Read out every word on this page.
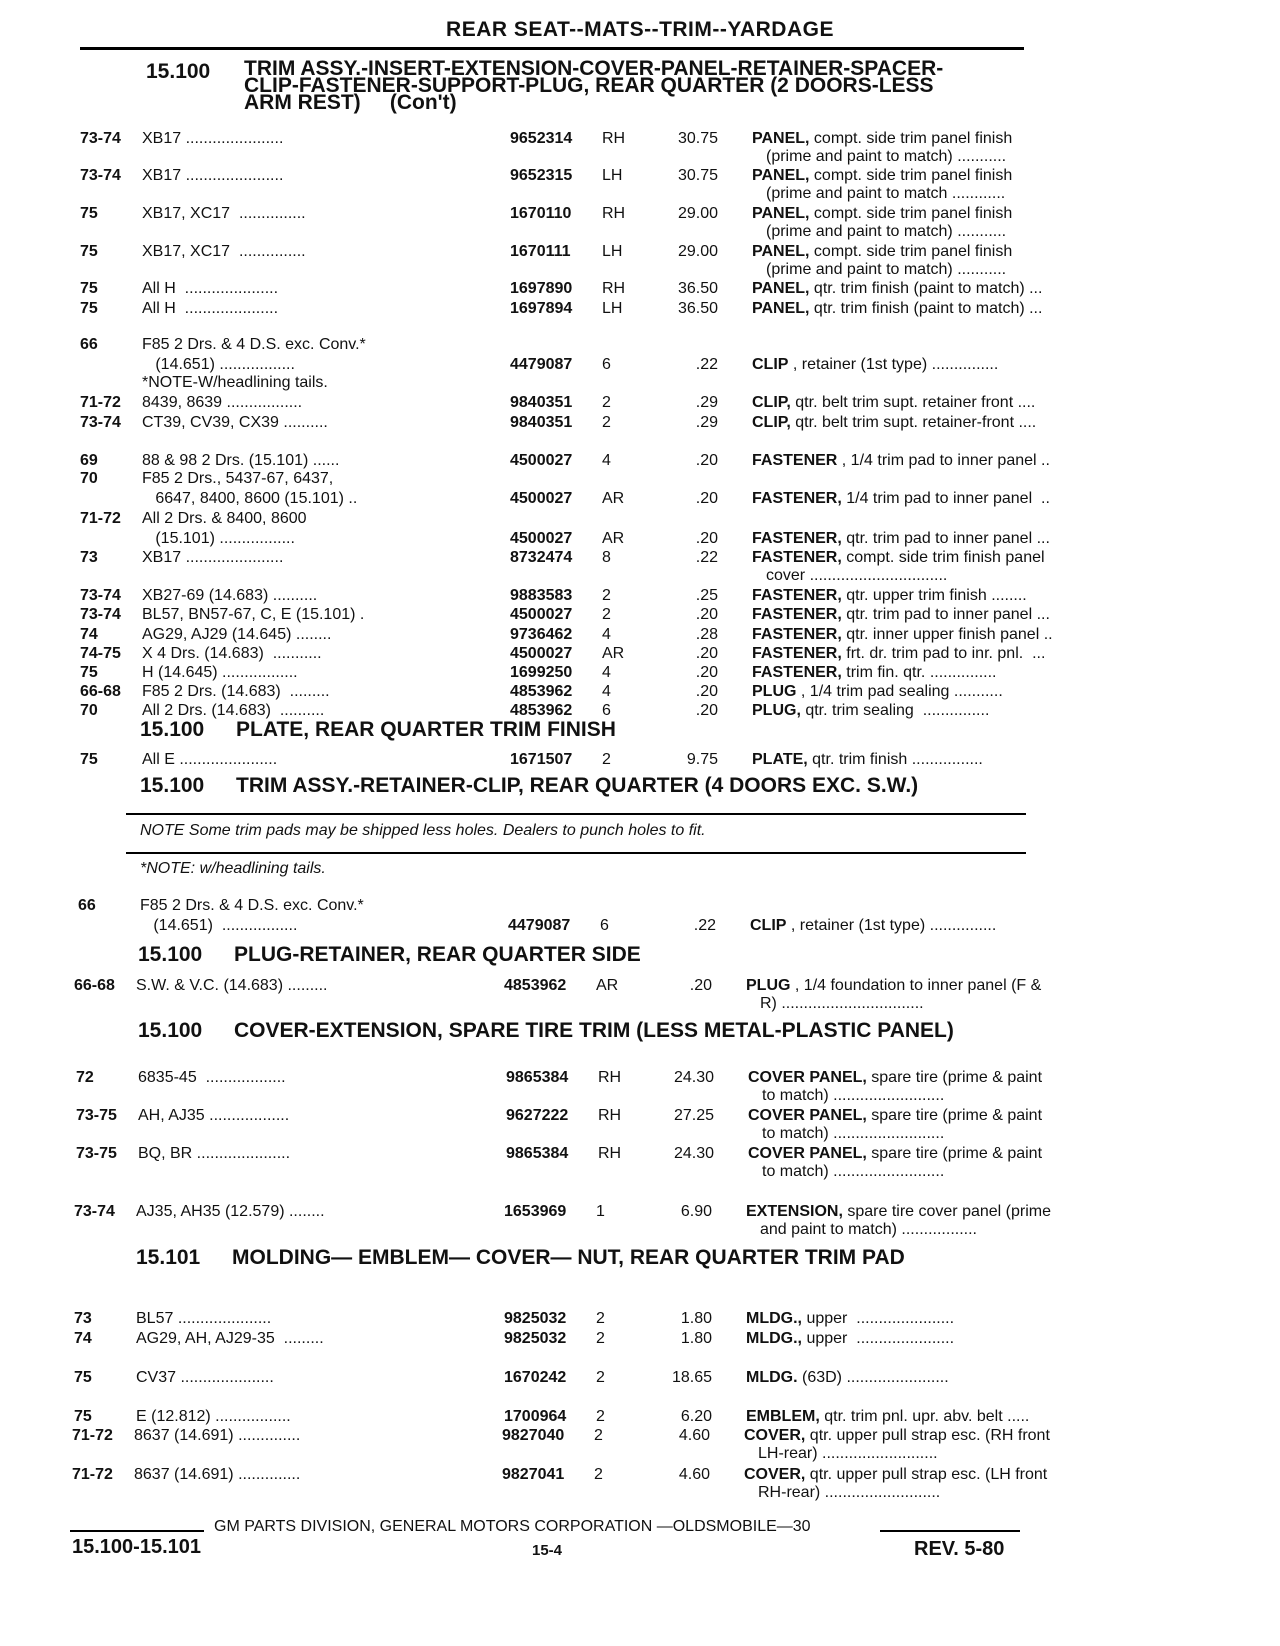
REAR SEAT--MATS--TRIM--YARDAGE
15.100	TRIM ASSY.-INSERT-EXTENSION-COVER-PANEL-RETAINER-SPACER-
CLIP-FASTENER-SUPPORT-PLUG, REAR QUARTER (2 DOORS-LESS
ARM REST)     (Con't)
15.100 PLATE, REAR QUARTER TRIM FINISH
15.100 TRIM ASSY.-RETAINER-CLIP, REAR QUARTER (4 DOORS EXC. S.W.)
NOTE Some trim pads may be shipped less holes. Dealers to punch holes to fit.
*NOTE: w/headlining tails.
15.100 PLUG-RETAINER, REAR QUARTER SIDE
15.100 COVER-EXTENSION, SPARE TIRE TRIM (LESS METAL-PLASTIC PANEL)
15.101 MOLDING— EMBLEM— COVER— NUT, REAR QUARTER TRIM PAD
73-74	XB17 ......................	9652314	RH	30.75 PANEL, compt. side trim panel finish
(prime and paint to match) ...........
73-74	XB17 ......................	9652315	LH	30.75 PANEL, compt. side trim panel finish
(prime and paint to match ............
75	XB17, XC17  ...............	1670110	RH	29.00 PANEL, compt. side trim panel finish
(prime and paint to match) ...........
75	XB17, XC17  ...............	1670111	LH	29.00 PANEL, compt. side trim panel finish
(prime and paint to match) ...........
75	All H  .....................	1697890	RH	36.50 PANEL, qtr. trim finish (paint to match) ...
75	All H  .....................	1697894	LH	36.50 PANEL, qtr. trim finish (paint to match) ...
66	F85 2 Drs. & 4 D.S. exc. Conv.*
(14.651) .................	4479087	6	.22 CLIP , retainer (1st type) ...............
*NOTE-W/headlining tails.
71-72	8439, 8639 .................	9840351	2	.29 CLIP, qtr. belt trim supt. retainer front ....
73-74	CT39, CV39, CX39 ..........	9840351	2	.29 CLIP, qtr. belt trim supt. retainer-front ....
69	88 & 98 2 Drs. (15.101) ......	4500027	4	.20 FASTENER , 1/4 trim pad to inner panel ..
70	F85 2 Drs., 5437-67, 6437,
6647, 8400, 8600 (15.101) ..	4500027	AR	.20 FASTENER, 1/4 trim pad to inner panel  ..
71-72	All 2 Drs. & 8400, 8600
(15.101) .................	4500027	AR	.20 FASTENER, qtr. trim pad to inner panel ...
73	XB17 ......................	8732474	8	.22 FASTENER, compt. side trim finish panel
cover ...............................
73-74	XB27-69 (14.683) ..........	9883583	2	.25 FASTENER, qtr. upper trim finish ........
73-74	BL57, BN57-67, C, E (15.101) .	4500027	2	.20 FASTENER, qtr. trim pad to inner panel ...
74	AG29, AJ29 (14.645) ........	9736462	4	.28 FASTENER, qtr. inner upper finish panel ..
74-75	X 4 Drs. (14.683)  ...........	4500027	AR	.20 FASTENER, frt. dr. trim pad to inr. pnl.  ...
75	H (14.645) .................	1699250	4	.20 FASTENER, trim fin. qtr. ...............
66-68	F85 2 Drs. (14.683)  .........	4853962	4	.20 PLUG , 1/4 trim pad sealing ...........
70	All 2 Drs. (14.683)  ..........	4853962	6	.20 PLUG, qtr. trim sealing  ...............
75	All E ......................	1671507	2	9.75 PLATE, qtr. trim finish ................
66	F85 2 Drs. & 4 D.S. exc. Conv.*
(14.651)  .................	4479087	6	.22 CLIP , retainer (1st type) ...............
66-68	S.W. & V.C. (14.683) .........	4853962	AR	.20 PLUG , 1/4 foundation to inner panel (F &
R) ................................
72	6835-45  ..................	9865384	RH	24.30 COVER PANEL, spare tire (prime & paint
to match) .........................
73-75	AH, AJ35 ..................	9627222	RH	27.25 COVER PANEL, spare tire (prime & paint
to match) .........................
73-75	BQ, BR .....................	9865384	RH	24.30 COVER PANEL, spare tire (prime & paint
to match) .........................
73-74	AJ35, AH35 (12.579) ........	1653969	1	6.90 EXTENSION, spare tire cover panel (prime
and paint to match) .................
73	BL57 .....................	9825032	2	1.80 MLDG., upper  ......................
74	AG29, AH, AJ29-35  .........	9825032	2	1.80 MLDG., upper  ......................
75	CV37 .....................	1670242	2	18.65 MLDG. (63D) .......................
75	E (12.812) .................	1700964	2	6.20 EMBLEM, qtr. trim pnl. upr. abv. belt .....
71-72	8637 (14.691) ..............	9827040	2	4.60 COVER, qtr. upper pull strap esc. (RH front
LH-rear) ..........................
71-72	8637 (14.691) ..............	9827041	2	4.60 COVER, qtr. upper pull strap esc. (LH front
RH-rear) ..........................
GM PARTS DIVISION, GENERAL MOTORS CORPORATION —OLDSMOBILE—30
15.100-15.101	15-4	REV. 5-80
